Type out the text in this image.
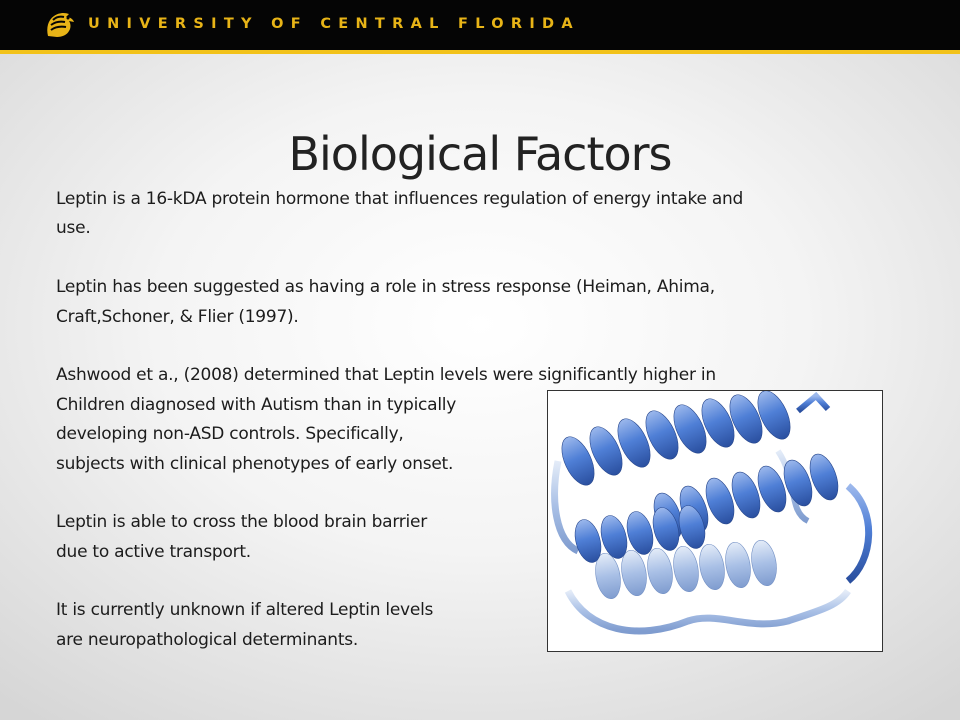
UNIVERSITY OF CENTRAL FLORIDA
Biological Factors
Leptin is a 16-kDA protein hormone that influences regulation of energy intake and
use.
Leptin has been suggested as having a role in stress response (Heiman, Ahima,
Craft,Schoner, & Flier (1997).
Ashwood et a., (2008) determined that Leptin levels were significantly higher in
Children diagnosed with Autism than in typically
developing non-ASD controls. Specifically,
subjects with clinical phenotypes of early onset.
Leptin is able to cross the blood brain barrier
due to active transport.
It is currently unknown if altered Leptin levels
are neuropathological determinants.
